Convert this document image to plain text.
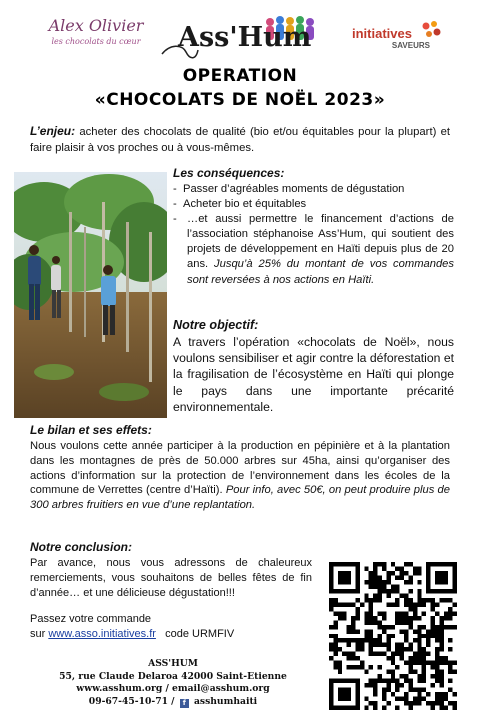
Alex Olivier
les chocolats du cœur Ass'Hum	initiatives
SAVEURS
OPERATION
«CHOCOLATS DE NOËL 2023»
L’enjeu: acheter des chocolats de qualité (bio et/ou équitables pour la plupart) et faire plaisir à vos proches ou à vous-mêmes.
Les conséquences:
- Passer d’agréables moments de dégustation
- Acheter bio et équitables
- …et aussi permettre le financement d’actions de l’association stéphanoise Ass’Hum, qui soutient des projets de développement en Haïti depuis plus de 20 ans. Jusqu’à 25% du montant de vos commandes sont reversées à nos actions en Haïti.
Notre objectif:
A travers l’opération «chocolats de Noël», nous voulons sensibiliser et agir contre la déforestation et la fragilisation de l’écosystème en Haïti qui plonge le pays dans une importante précarité environnementale.
Le bilan et ses effets:
Nous voulons cette année participer à la production en pépinière et à la plantation dans les montagnes de près de 50.000 arbres sur 45ha, ainsi qu’organiser des actions d’information sur la protection de l’environnement dans les écoles de la commune de Verrettes (centre d’Haïti). Pour info, avec 50€, on peut produire plus de 300 arbres fruitiers en vue d’une replantation.
Notre conclusion:
Par avance, nous vous adressons de chaleureux remerciements, vous souhaitons de belles fêtes de fin d’année… et une délicieuse dégustation!!!
Passez votre commande
sur www.asso.initiatives.fr code URMFIV
ASS'HUM
55, rue Claude Delaroa 42000 Saint-Etienne
www.asshum.org / email@asshum.org
09-67-45-10-71 / f asshumhaiti
